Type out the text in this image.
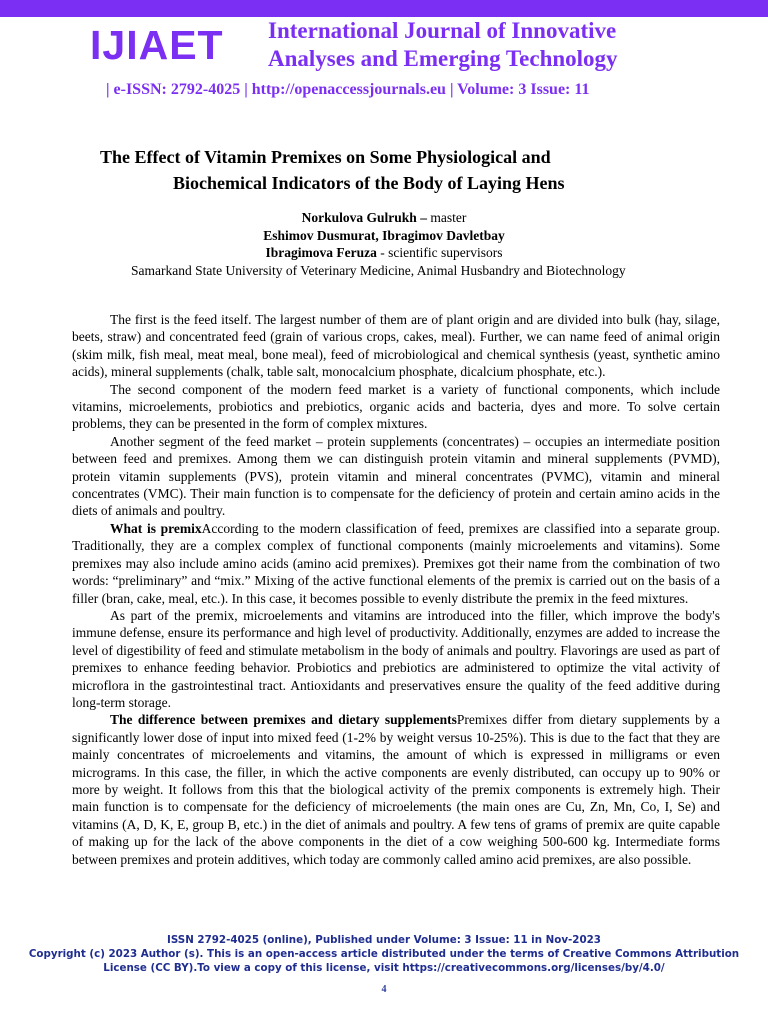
IJIAET International Journal of Innovative
Analyses and Emerging Technology
| e-ISSN: 2792-4025 | http://openaccessjournals.eu | Volume: 3 Issue: 11
The Effect of Vitamin Premixes on Some Physiological and

Biochemical Indicators of the Body of Laying Hens
Norkulova Gulrukh – master
Eshimov Dusmurat, Ibragimov Davletbay
Ibragimova Feruza - scientific supervisors
Samarkand State University of Veterinary Medicine, Animal Husbandry and Biotechnology

The first is the feed itself. The largest number of them are of plant origin and are divided into bulk (hay, silage, beets, straw) and concentrated feed (grain of various crops, cakes, meal). Further, we can name feed of animal origin (skim milk, fish meal, meat meal, bone meal), feed of microbiological and chemical synthesis (yeast, synthetic amino acids), mineral supplements (chalk, table salt, monocalcium phosphate, dicalcium phosphate, etc.).

The second component of the modern feed market is a variety of functional components, which include vitamins, microelements, probiotics and prebiotics, organic acids and bacteria, dyes and more. To solve certain problems, they can be presented in the form of complex mixtures.

Another segment of the feed market – protein supplements (concentrates) – occupies an intermediate position between feed and premixes. Among them we can distinguish protein vitamin and mineral supplements (PVMD), protein vitamin supplements (PVS), protein vitamin and mineral concentrates (PVMC), vitamin and mineral concentrates (VMC). Their main function is to compensate for the deficiency of protein and certain amino acids in the diets of animals and poultry.

What is premixAccording to the modern classification of feed, premixes are classified into a separate group. Traditionally, they are a complex complex of functional components (mainly microelements and vitamins). Some premixes may also include amino acids (amino acid premixes). Premixes got their name from the combination of two words: “preliminary” and “mix.” Mixing of the active functional elements of the premix is carried out on the basis of a filler (bran, cake, meal, etc.). In this case, it becomes possible to evenly distribute the premix in the feed mixtures.

As part of the premix, microelements and vitamins are introduced into the filler, which improve the body's immune defense, ensure its performance and high level of productivity. Additionally, enzymes are added to increase the level of digestibility of feed and stimulate metabolism in the body of animals and poultry. Flavorings are used as part of premixes to enhance feeding behavior. Probiotics and prebiotics are administered to optimize the vital activity of microflora in the gastrointestinal tract. Antioxidants and preservatives ensure the quality of the feed additive during long-term storage.

The difference between premixes and dietary supplementsPremixes differ from dietary supplements by a significantly lower dose of input into mixed feed (1-2% by weight versus 10-25%). This is due to the fact that they are mainly concentrates of microelements and vitamins, the amount of which is expressed in milligrams or even micrograms. In this case, the filler, in which the active components are evenly distributed, can occupy up to 90% or more by weight. It follows from this that the biological activity of the premix components is extremely high. Their main function is to compensate for the deficiency of microelements (the main ones are Cu, Zn, Mn, Co, I, Se) and vitamins (A, D, K, E, group B, etc.) in the diet of animals and poultry. A few tens of grams of premix are quite capable of making up for the lack of the above components in the diet of a cow weighing 500-600 kg. Intermediate forms between premixes and protein additives, which today are commonly called amino acid premixes, are also possible.

ISSN 2792-4025 (online), Published under Volume: 3 Issue: 11 in Nov-2023
Copyright (c) 2023 Author (s). This is an open-access article distributed under the terms of Creative Commons Attribution
License (CC BY).To view a copy of this license, visit https://creativecommons.org/licenses/by/4.0/
4
